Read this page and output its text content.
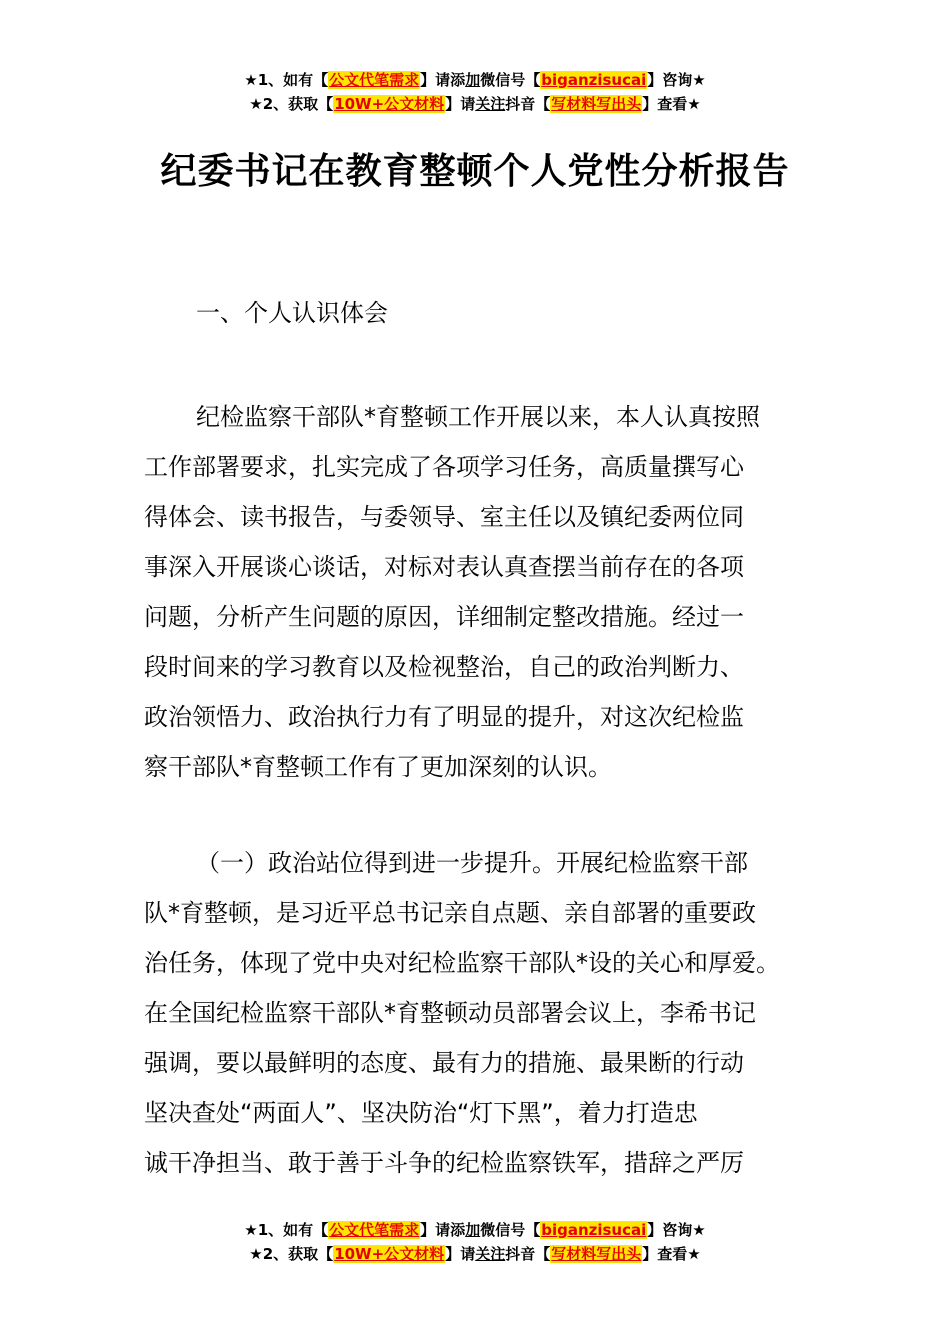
★1、如有【公文代笔需求】请添加微信号【biganzisucai】咨询★
★2、获取【10W+公文材料】请关注抖音【写材料写出头】查看★
纪委书记在教育整顿个人党性分析报告
一、个人认识体会
纪检监察干部队*育整顿工作开展以来，本人认真按照
工作部署要求，扎实完成了各项学习任务，高质量撰写心
得体会、读书报告，与委领导、室主任以及镇纪委两位同
事深入开展谈心谈话，对标对表认真查摆当前存在的各项
问题，分析产生问题的原因，详细制定整改措施。经过一
段时间来的学习教育以及检视整治，自己的政治判断力、
政治领悟力、政治执行力有了明显的提升，对这次纪检监
察干部队*育整顿工作有了更加深刻的认识。
（一）政治站位得到进一步提升。开展纪检监察干部
队*育整顿，是习近平总书记亲自点题、亲自部署的重要政
治任务，体现了党中央对纪检监察干部队*设的关心和厚爱。
在全国纪检监察干部队*育整顿动员部署会议上，李希书记
强调，要以最鲜明的态度、最有力的措施、最果断的行动
坚决查处“两面人”、坚决防治“灯下黑”，着力打造忠
诚干净担当、敢于善于斗争的纪检监察铁军，措辞之严厉
★1、如有【公文代笔需求】请添加微信号【biganzisucai】咨询★
★2、获取【10W+公文材料】请关注抖音【写材料写出头】查看★
